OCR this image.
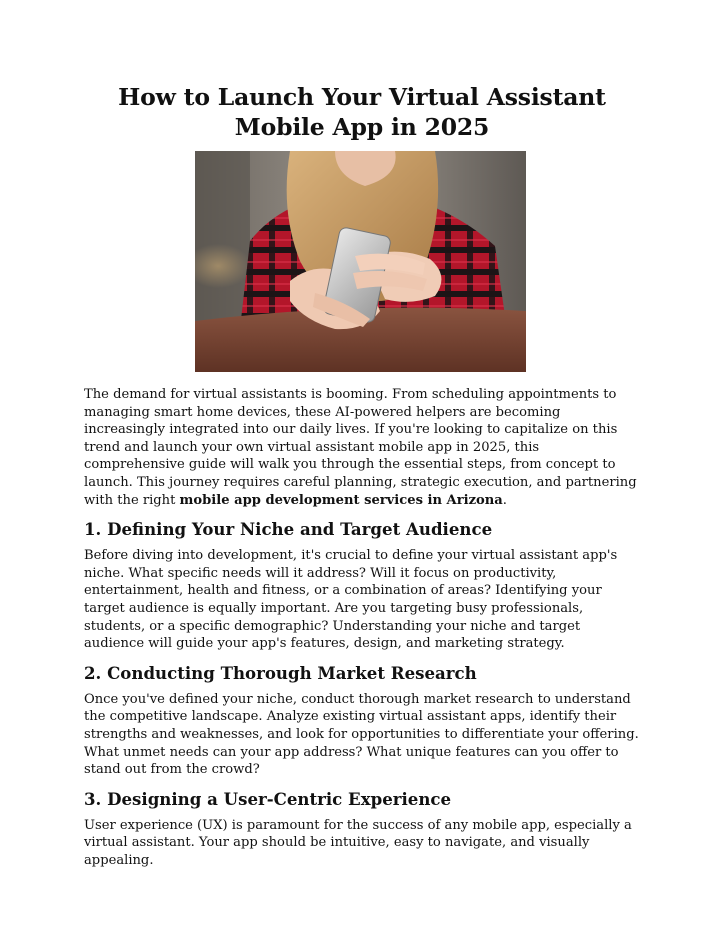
How to Launch Your Virtual Assistant Mobile App in 2025

The demand for virtual assistants is booming. From scheduling appointments to managing smart home devices, these AI-powered helpers are becoming increasingly integrated into our daily lives. If you're looking to capitalize on this trend and launch your own virtual assistant mobile app in 2025, this comprehensive guide will walk you through the essential steps, from concept to launch. This journey requires careful planning, strategic execution, and partnering with the right mobile app development services in Arizona.

1. Defining Your Niche and Target Audience

Before diving into development, it's crucial to define your virtual assistant app's niche. What specific needs will it address? Will it focus on productivity, entertainment, health and fitness, or a combination of areas? Identifying your target audience is equally important. Are you targeting busy professionals, students, or a specific demographic? Understanding your niche and target audience will guide your app's features, design, and marketing strategy.

2. Conducting Thorough Market Research

Once you've defined your niche, conduct thorough market research to understand the competitive landscape. Analyze existing virtual assistant apps, identify their strengths and weaknesses, and look for opportunities to differentiate your offering. What unmet needs can your app address? What unique features can you offer to stand out from the crowd?

3. Designing a User-Centric Experience

User experience (UX) is paramount for the success of any mobile app, especially a virtual assistant. Your app should be intuitive, easy to navigate, and visually appealing.
